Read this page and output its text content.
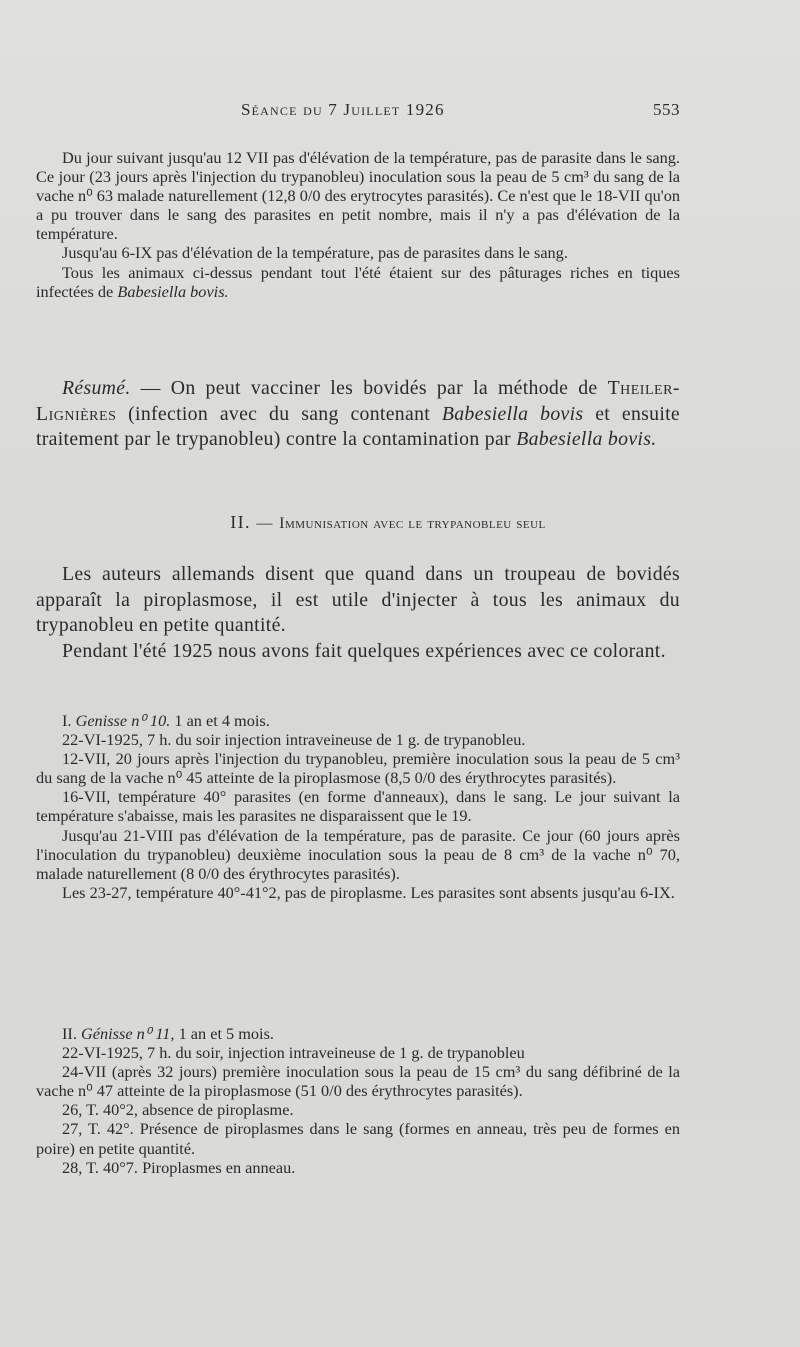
Séance du 7 Juillet 1926	553

Du jour suivant jusqu'au 12 VII pas d'élévation de la température, pas de parasite dans le sang. Ce jour (23 jours après l'injection du trypanobleu) inoculation sous la peau de 5 cm³ du sang de la vache n⁰ 63 malade naturellement (12,8 0/0 des erytrocytes parasités). Ce n'est que le 18-VII qu'on a pu trouver dans le sang des parasites en petit nombre, mais il n'y a pas d'élévation de la température.

Jusqu'au 6-IX pas d'élévation de la température, pas de parasites dans le sang.

Tous les animaux ci-dessus pendant tout l'été étaient sur des pâturages riches en tiques infectées de Babesiella bovis.

Résumé. — On peut vacciner les bovidés par la méthode de Theiler-Lignières (infection avec du sang contenant Babesiella bovis et ensuite traitement par le trypanobleu) contre la contamination par Babesiella bovis.

II. — Immunisation avec le trypanobleu seul

Les auteurs allemands disent que quand dans un troupeau de bovidés apparaît la piroplasmose, il est utile d'injecter à tous les animaux du trypanobleu en petite quantité.

Pendant l'été 1925 nous avons fait quelques expériences avec ce colorant.

I. Genisse n⁰ 10. 1 an et 4 mois.

22-VI-1925, 7 h. du soir injection intraveineuse de 1 g. de trypanobleu.

12-VII, 20 jours après l'injection du trypanobleu, première inoculation sous la peau de 5 cm³ du sang de la vache n⁰ 45 atteinte de la piroplasmose (8,5 0/0 des érythrocytes parasités).

16-VII, température 40° parasites (en forme d'anneaux), dans le sang. Le jour suivant la température s'abaisse, mais les parasites ne disparaissent que le 19.

Jusqu'au 21-VIII pas d'élévation de la température, pas de parasite. Ce jour (60 jours après l'inoculation du trypanobleu) deuxième inoculation sous la peau de 8 cm³ de la vache n⁰ 70, malade naturellement (8 0/0 des érythrocytes parasités).

Les 23-27, température 40°-41°2, pas de piroplasme. Les parasites sont absents jusqu'au 6-IX.

II. Génisse n⁰ 11, 1 an et 5 mois.

22-VI-1925, 7 h. du soir, injection intraveineuse de 1 g. de trypanobleu

24-VII (après 32 jours) première inoculation sous la peau de 15 cm³ du sang défibriné de la vache n⁰ 47 atteinte de la piroplasmose (51 0/0 des érythrocytes parasités).

26, T. 40°2, absence de piroplasme.

27, T. 42°. Présence de piroplasmes dans le sang (formes en anneau, très peu de formes en poire) en petite quantité.

28, T. 40°7. Piroplasmes en anneau.
